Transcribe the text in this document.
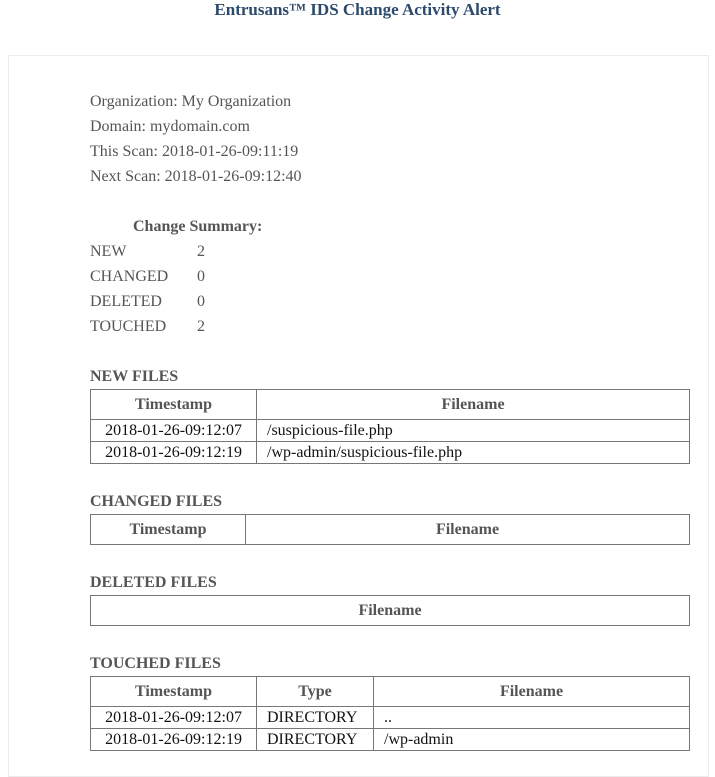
Entrusans™ IDS Change Activity Alert
Organization: My Organization
Domain: mydomain.com
This Scan: 2018-01-26-09:11:19
Next Scan: 2018-01-26-09:12:40
Change Summary:
NEW	2
CHANGED 0
DELETED 0
TOUCHED 2
NEW FILES
Timestamp	Filename
2018-01-26-09:12:07	/suspicious-file.php
2018-01-26-09:12:19	/wp-admin/suspicious-file.php
CHANGED FILES
Timestamp	Filename
DELETED FILES
Filename
TOUCHED FILES
Timestamp	Type	Filename
2018-01-26-09:12:07	DIRECTORY	..
2018-01-26-09:12:19	DIRECTORY	/wp-admin
